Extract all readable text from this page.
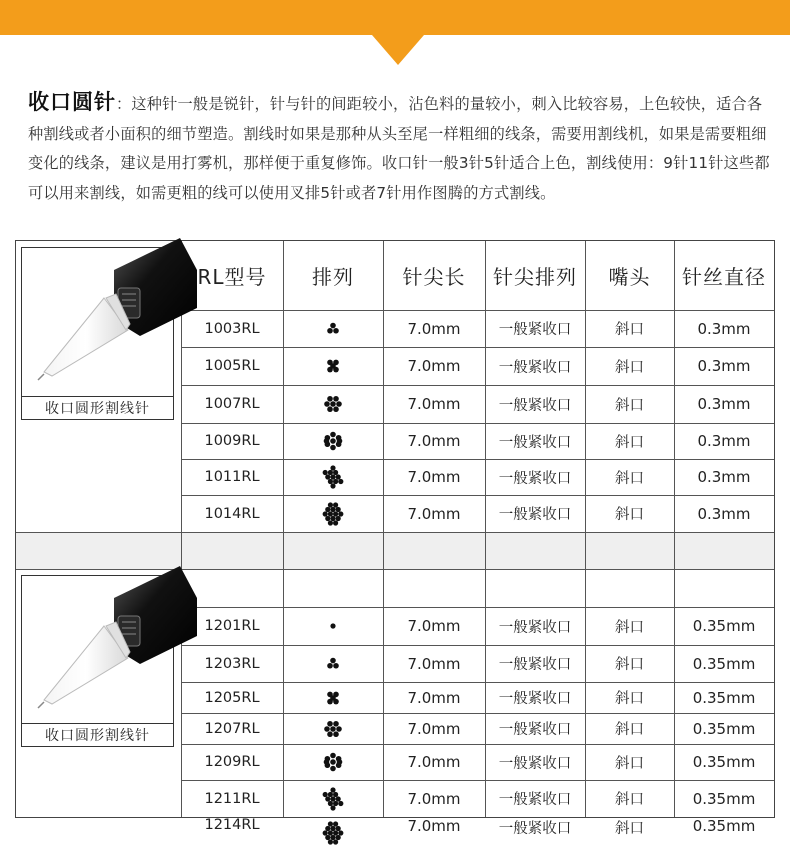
收口圆针：这种针一般是锐针，针与针的间距较小，沾色料的量较小，刺入比较容易，上色较快，适合各种割线或者小面积的细节塑造。割线时如果是那种从头至尾一样粗细的线条，需要用割线机，如果是需要粗细变化的线条，建议是用打雾机，那样便于重复修饰。收口针一般3针5针适合上色，割线使用：9针11针这些都可以用来割线，如需更粗的线可以使用叉排5针或者7针用作图腾的方式割线。
RL型号	排列	针尖长	针尖排列	嘴头	针丝直径
1003RL	7.0mm	一般紧收口	斜口	0.3mm
1005RL	7.0mm	一般紧收口	斜口	0.3mm
1007RL	7.0mm	一般紧收口	斜口	0.3mm
1009RL	7.0mm	一般紧收口	斜口	0.3mm
1011RL	7.0mm	一般紧收口	斜口	0.3mm
1014RL	7.0mm	一般紧收口	斜口	0.3mm
1201RL	7.0mm	一般紧收口	斜口	0.35mm
1203RL	7.0mm	一般紧收口	斜口	0.35mm
1205RL	7.0mm	一般紧收口	斜口	0.35mm
1207RL	7.0mm	一般紧收口	斜口	0.35mm
1209RL	7.0mm	一般紧收口	斜口	0.35mm
1211RL	7.0mm	一般紧收口	斜口	0.35mm
1214RL	7.0mm	一般紧收口	斜口	0.35mm
收口圆形割线针
收口圆形割线针
